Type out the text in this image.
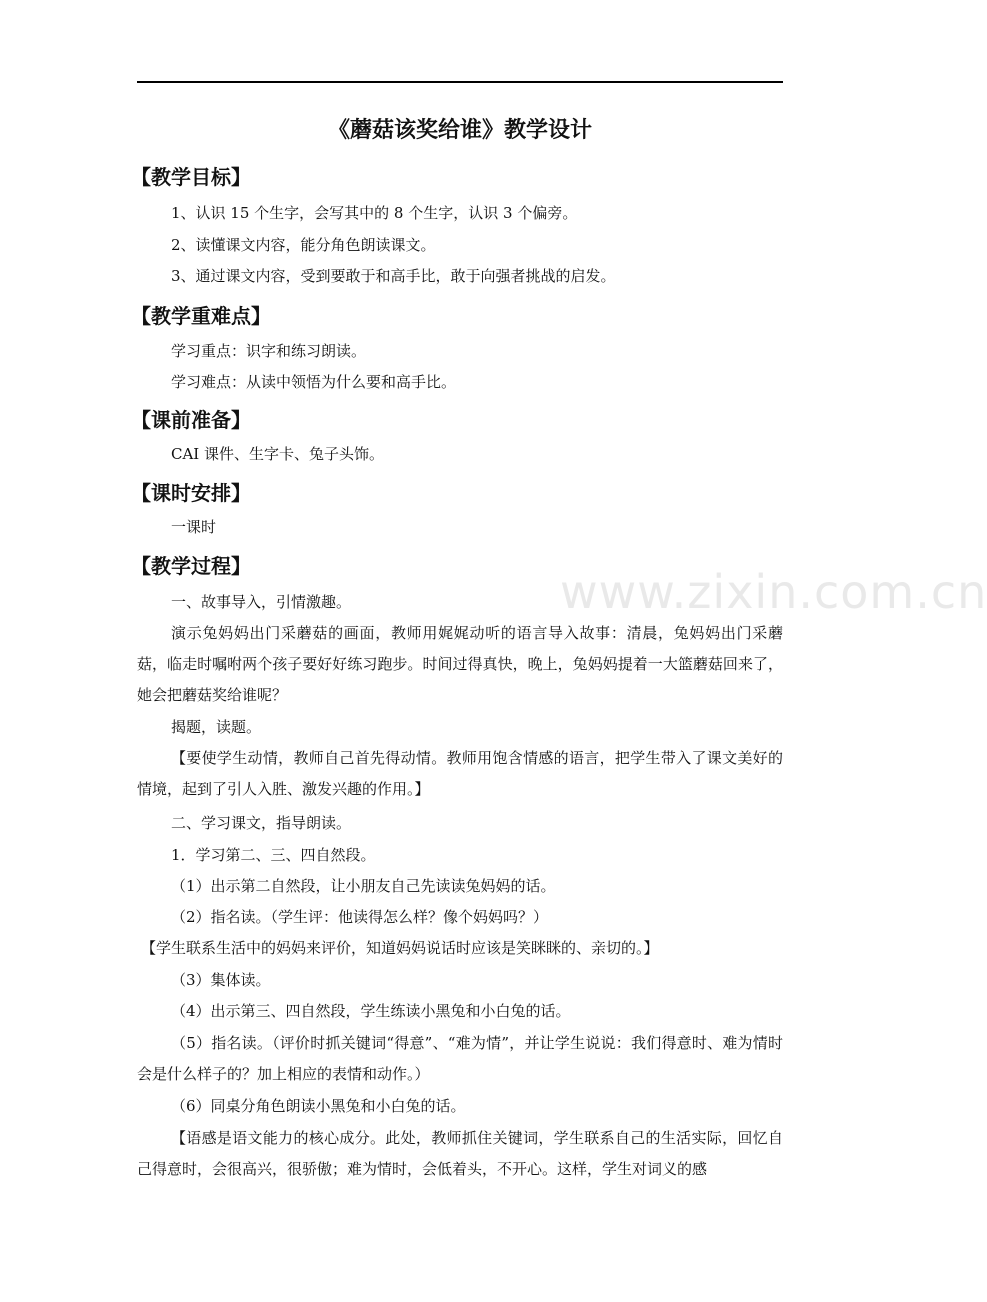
www.zixin.com.cn
《蘑菇该奖给谁》教学设计
【教学目标】

1、认识 15 个生字，会写其中的 8 个生字，认识 3 个偏旁。

2、读懂课文内容，能分角色朗读课文。

3、通过课文内容，受到要敢于和高手比，敢于向强者挑战的启发。

【教学重难点】

学习重点：识字和练习朗读。

学习难点：从读中领悟为什么要和高手比。

【课前准备】

CAI 课件、生字卡、兔子头饰。

【课时安排】

一课时

【教学过程】

一、故事导入，引情激趣。

演示兔妈妈出门采蘑菇的画面，教师用娓娓动听的语言导入故事：清晨，兔妈妈出门采蘑菇，临走时嘱咐两个孩子要好好练习跑步。时间过得真快，晚上，兔妈妈提着一大篮蘑菇回来了，她会把蘑菇奖给谁呢？

揭题，读题。

【要使学生动情，教师自己首先得动情。教师用饱含情感的语言，把学生带入了课文美好的情境，起到了引人入胜、激发兴趣的作用。】

二、学习课文，指导朗读。

1．学习第二、三、四自然段。

（1）出示第二自然段，让小朋友自己先读读兔妈妈的话。

（2）指名读。（学生评：他读得怎么样？像个妈妈吗？）

【学生联系生活中的妈妈来评价，知道妈妈说话时应该是笑眯眯的、亲切的。】

（3）集体读。

（4）出示第三、四自然段，学生练读小黑兔和小白兔的话。

（5）指名读。（评价时抓关键词“得意”、“难为情”，并让学生说说：我们得意时、难为情时会是什么样子的？加上相应的表情和动作。）

（6）同桌分角色朗读小黑兔和小白兔的话。

【语感是语文能力的核心成分。此处，教师抓住关键词，学生联系自己的生活实际，回忆自己得意时，会很高兴，很骄傲；难为情时，会低着头，不开心。这样，学生对词义的感
